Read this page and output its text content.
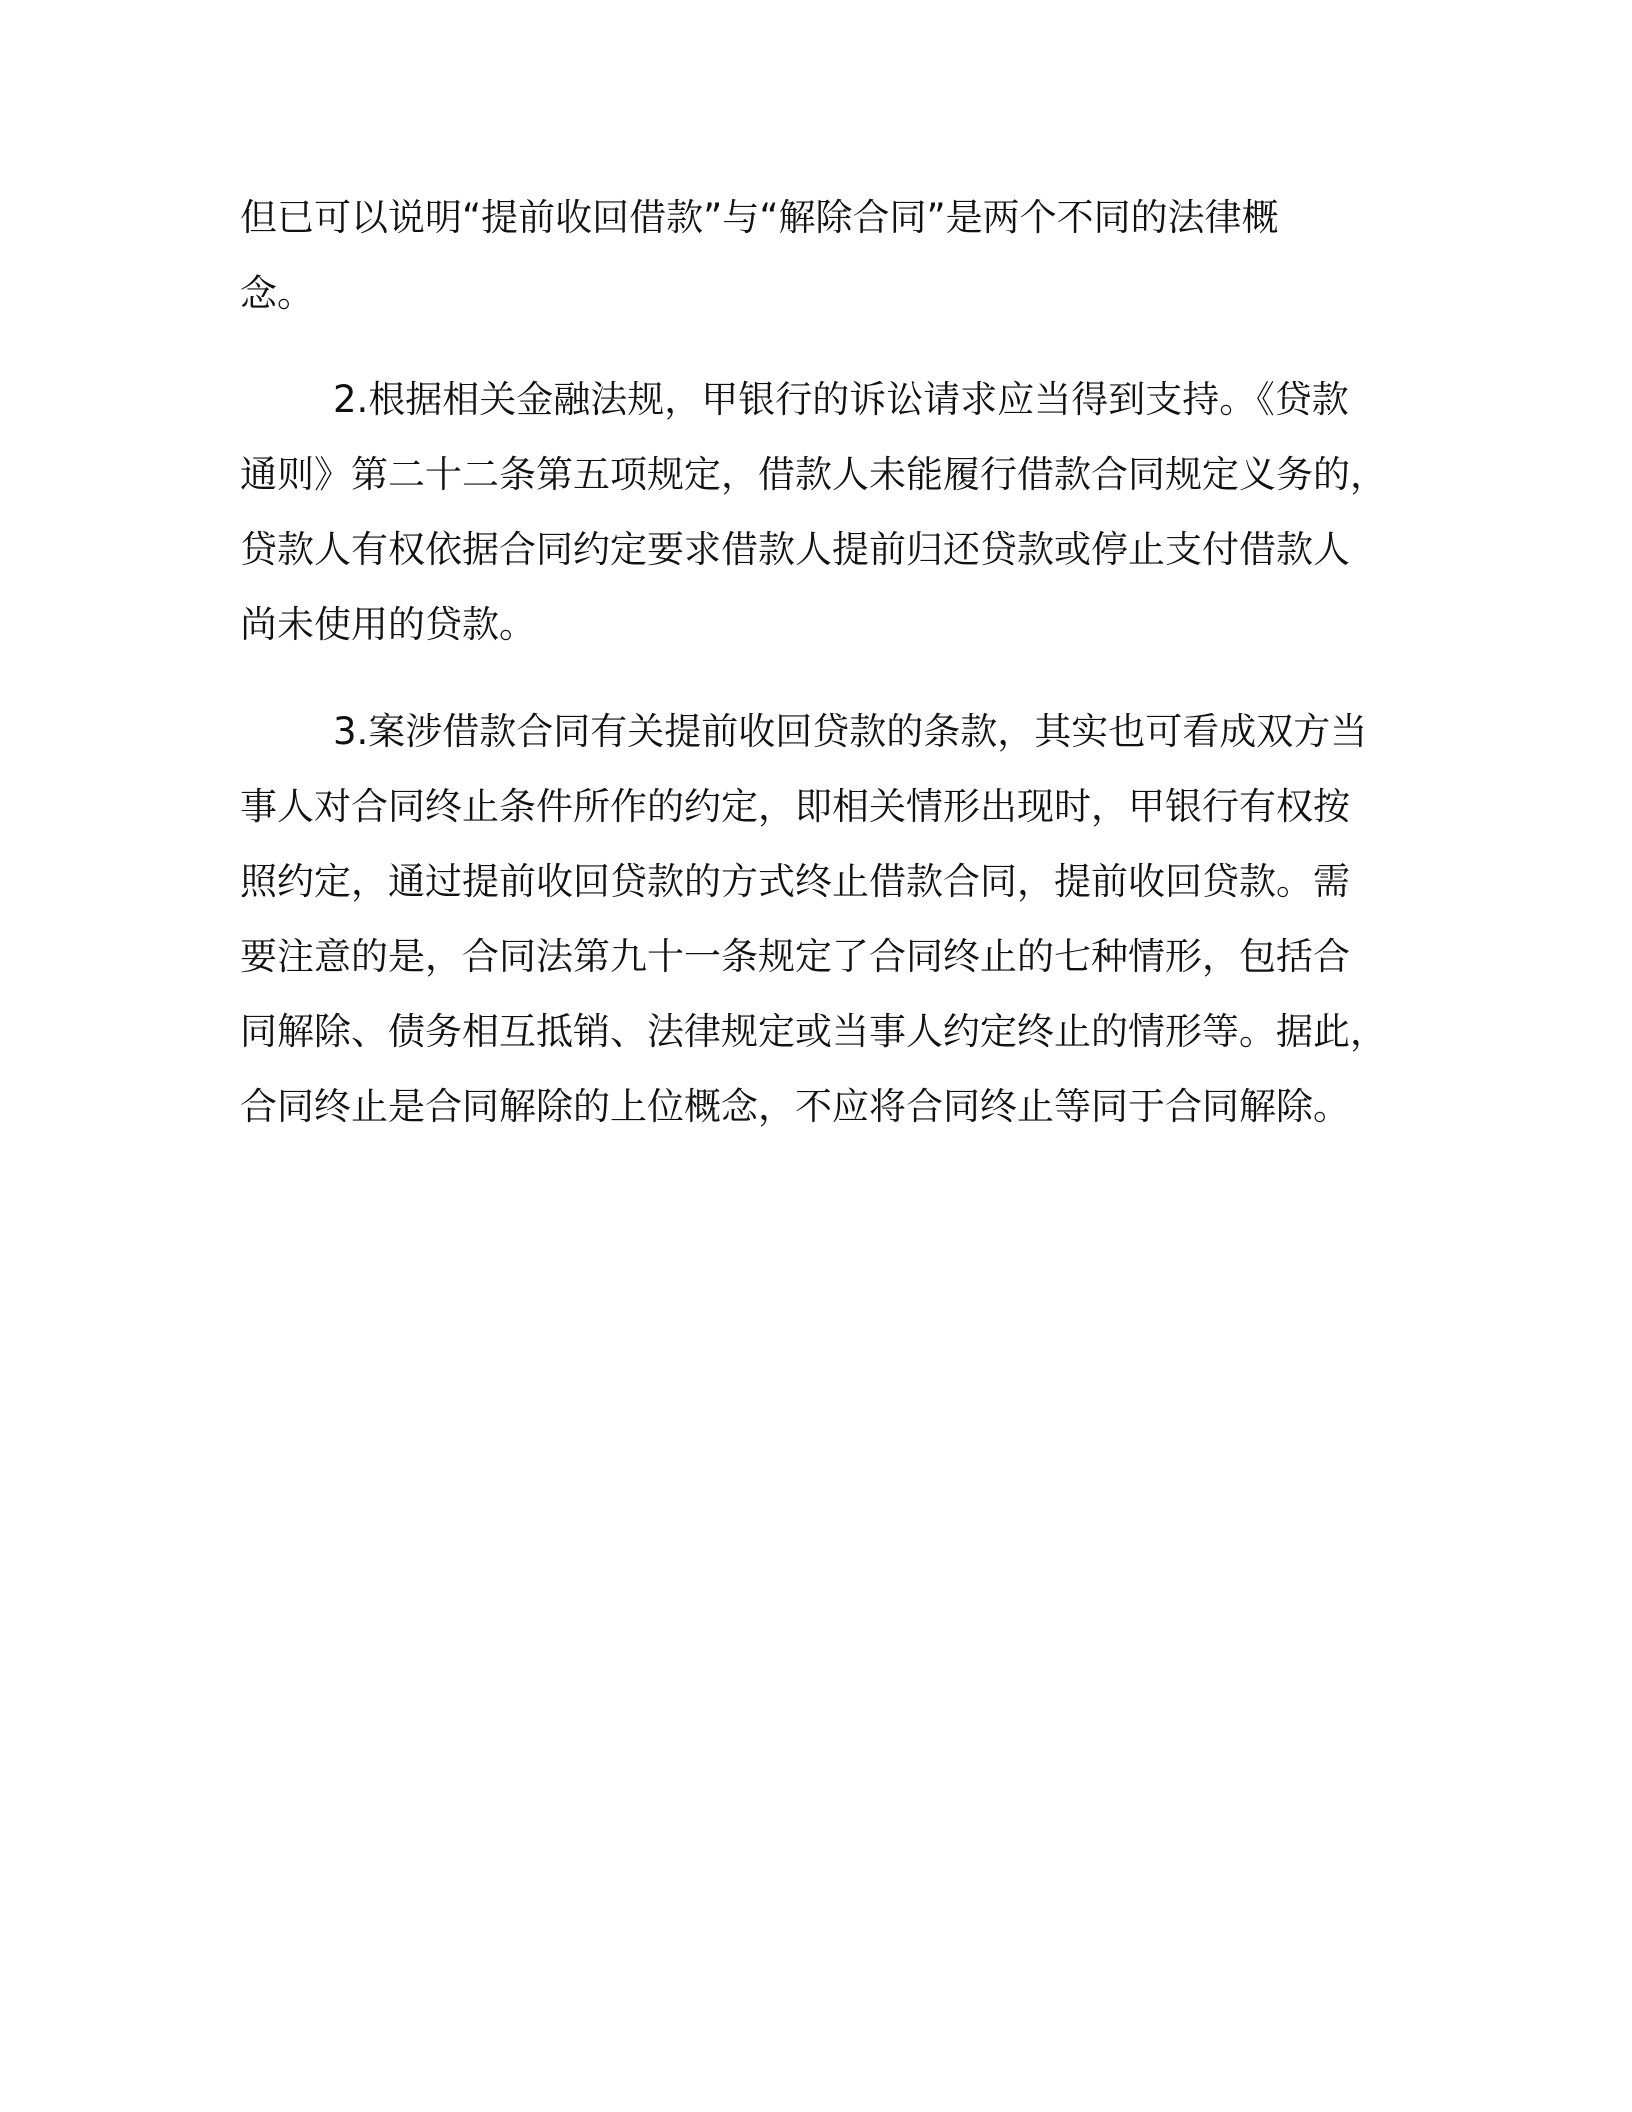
但已可以说明“提前收回借款”与“解除合同”是两个不同的法律概
念。
2.根据相关金融法规，甲银行的诉讼请求应当得到支持。《贷款
通则》第二十二条第五项规定，借款人未能履行借款合同规定义务的，
贷款人有权依据合同约定要求借款人提前归还贷款或停止支付借款人
尚未使用的贷款。
3.案涉借款合同有关提前收回贷款的条款，其实也可看成双方当
事人对合同终止条件所作的约定，即相关情形出现时，甲银行有权按
照约定，通过提前收回贷款的方式终止借款合同，提前收回贷款。需
要注意的是，合同法第九十一条规定了合同终止的七种情形，包括合
同解除、债务相互抵销、法律规定或当事人约定终止的情形等。据此，
合同终止是合同解除的上位概念，不应将合同终止等同于合同解除。
